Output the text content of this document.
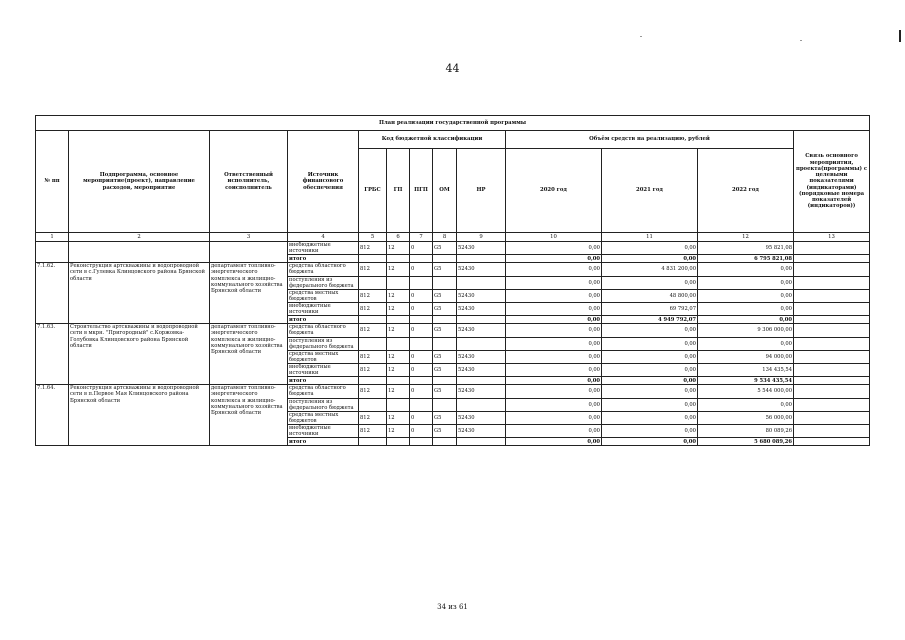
44
План реализации государственной программы												
№ пп	Подпрограмма, основное мероприятие(проект), направление расходов, мероприятие	Ответственный исполнитель, соисполнитель	Источник финансового обеспечения	Код бюджетной классификации					Объём средств на реализацию, рублей			Связь основного мероприятия, проекта(программы) с целевыми показателями (индикаторами) (порядковые номера показателей (индикаторов))
				ГРБС	ГП	ПГП	ОМ	НР	2020 год	2021 год	2022 год	
1	2	3	4	5	6	7	8	9	10	11	12	13
			внебюджетные источники	812	12	0	G5	52430	0,00	0,00	95 821,08	
			итого						0,00	0,00	6 795 821,08	
7.1.62.	Реконструкция артскважины и водопроводной сети в с.Гулевка Клинцовского района Брянской области	департамент топливно-энергетического комплекса и жилищно-коммунального хозяйства Брянской области	средства областного бюджета	812	12	0	G5	52430	0,00	4 831 200,00	0,00	
			поступления из федерального бюджета						0,00	0,00	0,00	
			средства местных бюджетов	812	12	0	G5	52430	0,00	48 800,00	0,00	
			внебюджетные источники	812	12	0	G5	52430	0,00	69 792,07	0,00	
			итого						0,00	4 949 792,07	0,00	
7.1.63.	Строительство артскважины и водопроводной сети в мкрн. "Пригородный" с.Коржовка-Голубовка Клинцовского района Брянской области	департамент топливно-энергетического комплекса и жилищно-коммунального хозяйства Брянской области	средства областного бюджета	812	12	0	G5	52430	0,00	0,00	9 306 000,00	
			поступления из федерального бюджета						0,00	0,00	0,00	
			средства местных бюджетов	812	12	0	G5	52430	0,00	0,00	94 000,00	
			внебюджетные источники	812	12	0	G5	52430	0,00	0,00	134 435,54	
			итого						0,00	0,00	9 534 435,54	
7.1.64.	Реконструкция артскважины и водопроводной сети в п.Первое Мая Клинцовского района Брянской области	департамент топливно-энергетического комплекса и жилищно-коммунального хозяйства Брянской области	средства областного бюджета	812	12	0	G5	52430	0,00	0,00	5 544 000,00	
			поступления из федерального бюджета						0,00	0,00	0,00	
			средства местных бюджетов	812	12	0	G5	52430	0,00	0,00	56 000,00	
			внебюджетные источники	812	12	0	G5	52430	0,00	0,00	80 089,26	
			итого						0,00	0,00	5 680 089,26	
34 из 61
